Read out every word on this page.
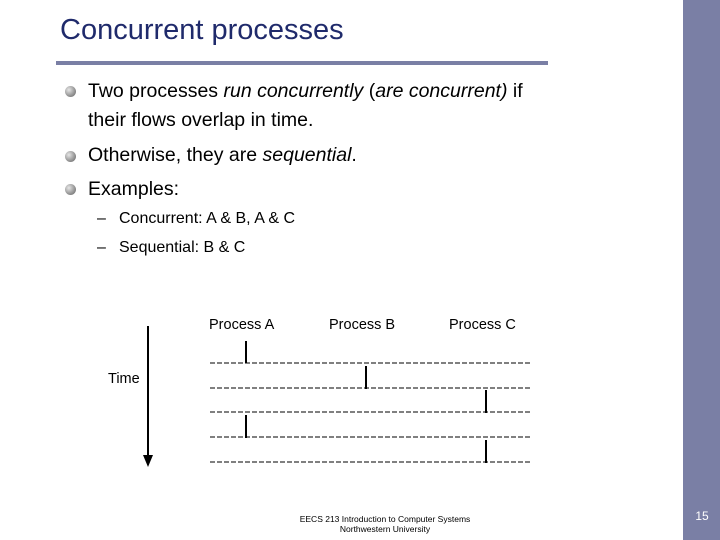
Concurrent processes
Two processes run concurrently (are concurrent) if
their flows overlap in time.
Otherwise, they are sequential.
Examples:
– Concurrent: A & B, A & C
– Sequential: B & C
Process A	Process B	Process C
Time
EECS 213 Introduction to Computer Systems
Northwestern University
15
